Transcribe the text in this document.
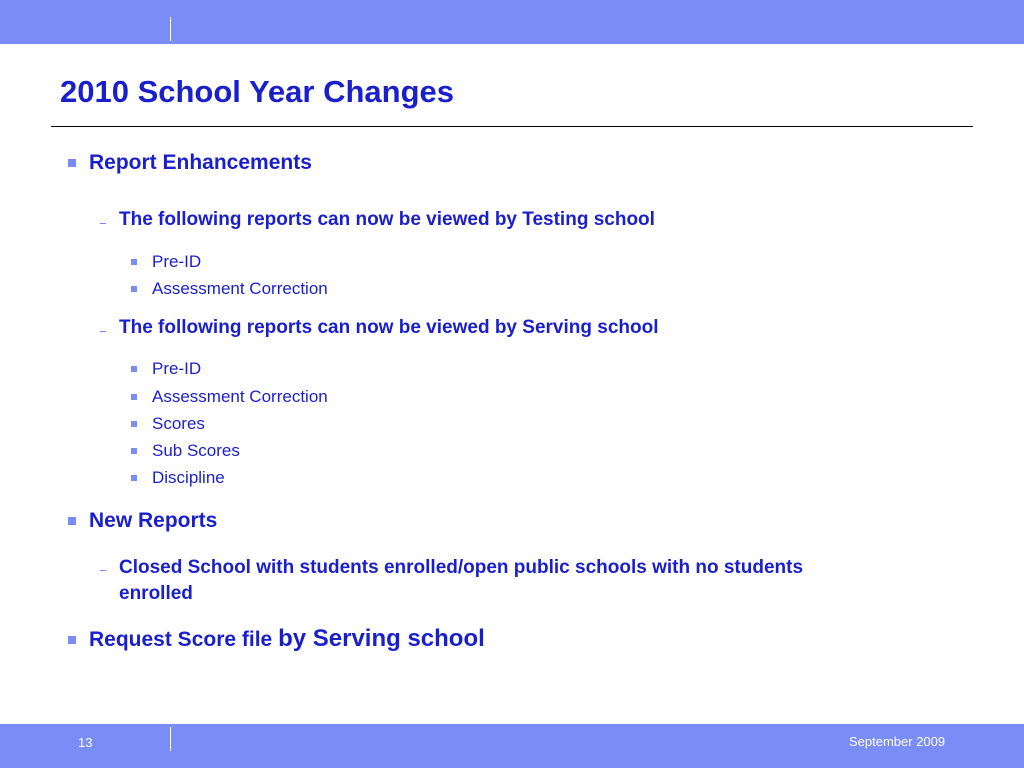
2010 School Year Changes
Report Enhancements
The following reports can now be viewed by Testing school
Pre-ID
Assessment Correction
The following reports can now be viewed by Serving school
Pre-ID
Assessment Correction
Scores
Sub Scores
Discipline
New Reports
Closed School with students enrolled/open public schools with no students
enrolled
Request Score file by Serving school
13	September 2009
